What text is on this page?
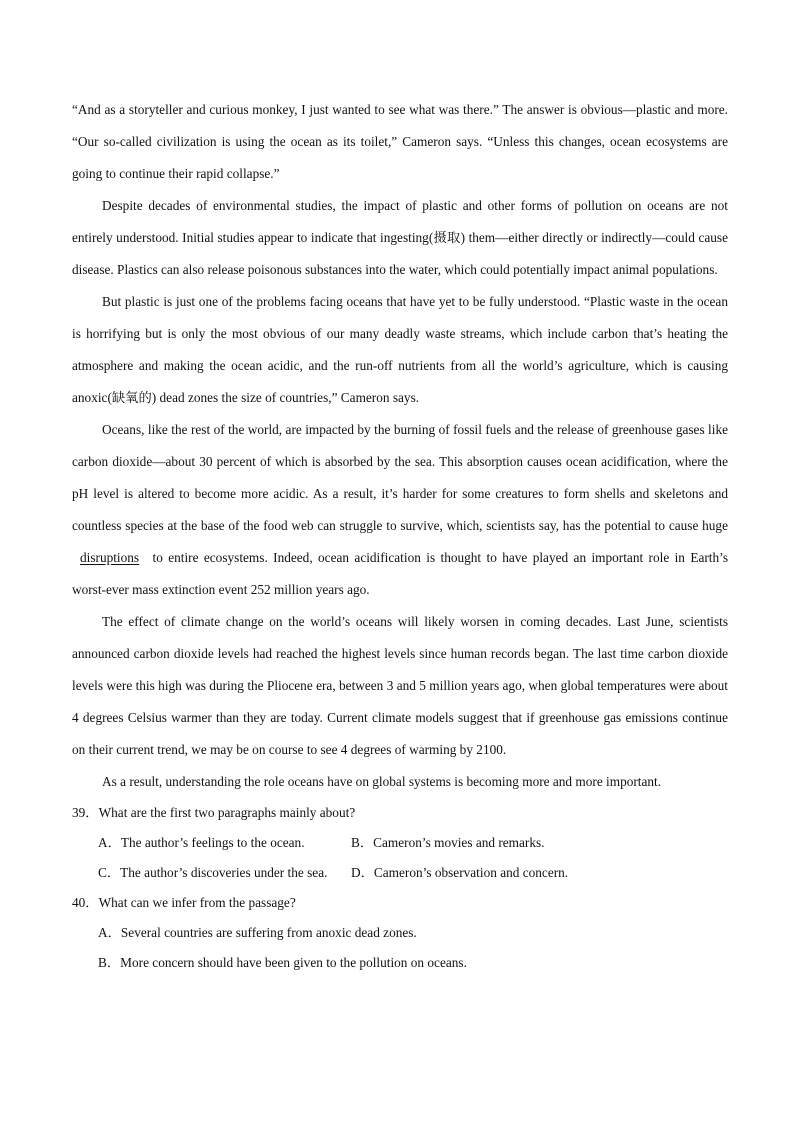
“And as a storyteller and curious monkey, I just wanted to see what was there.” The answer is obvious—plastic and more. “Our so-called civilization is using the ocean as its toilet,” Cameron says. “Unless this changes, ocean ecosystems are going to continue their rapid collapse.”

Despite decades of environmental studies, the impact of plastic and other forms of pollution on oceans are not entirely understood. Initial studies appear to indicate that ingesting(摄取) them—either directly or indirectly—could cause disease. Plastics can also release poisonous substances into the water, which could potentially impact animal populations.

But plastic is just one of the problems facing oceans that have yet to be fully understood. “Plastic waste in the ocean is horrifying but is only the most obvious of our many deadly waste streams, which include carbon that’s heating the atmosphere and making the ocean acidic, and the run-off nutrients from all the world’s agriculture, which is causing anoxic(缺氧的) dead zones the size of countries,” Cameron says.

Oceans, like the rest of the world, are impacted by the burning of fossil fuels and the release of greenhouse gases like carbon dioxide—about 30 percent of which is absorbed by the sea. This absorption causes ocean acidification, where the pH level is altered to become more acidic. As a result, it’s harder for some creatures to form shells and skeletons and countless species at the base of the food web can struggle to survive, which, scientists say, has the potential to cause huge disruptions to entire ecosystems. Indeed, ocean acidification is thought to have played an important role in Earth’s worst-ever mass extinction event 252 million years ago.

The effect of climate change on the world’s oceans will likely worsen in coming decades. Last June, scientists announced carbon dioxide levels had reached the highest levels since human records began. The last time carbon dioxide levels were this high was during the Pliocene era, between 3 and 5 million years ago, when global temperatures were about 4 degrees Celsius warmer than they are today. Current climate models suggest that if greenhouse gas emissions continue on their current trend, we may be on course to see 4 degrees of warming by 2100.

As a result, understanding the role oceans have on global systems is becoming more and more important.

39．What are the first two paragraphs mainly about?

A．The author’s feelings to the ocean.	B．Cameron’s movies and remarks.
C．The author’s discoveries under the sea.	D．Cameron’s observation and concern.

40．What can we infer from the passage?

A．Several countries are suffering from anoxic dead zones.
B．More concern should have been given to the pollution on oceans.
